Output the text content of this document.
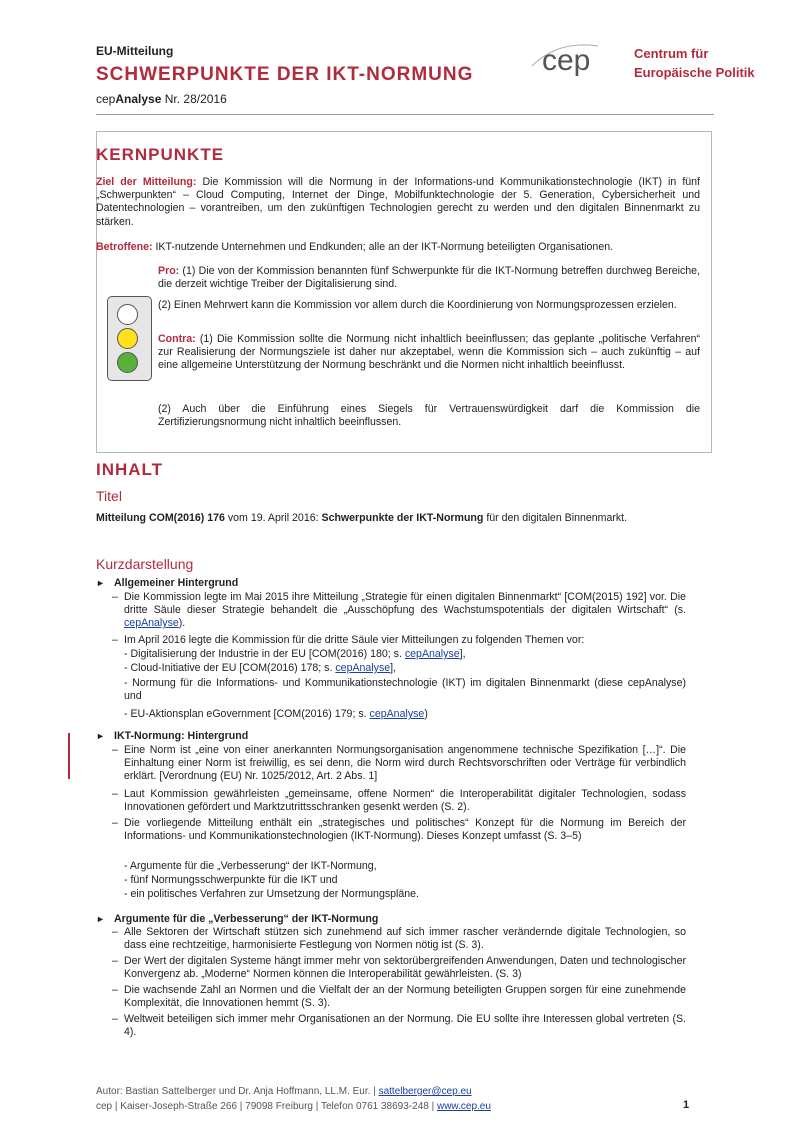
EU-Mitteilung
SCHWERPUNKTE DER IKT-NORMUNG
cepAnalyse Nr. 28/2016
cep	Centrum für
Europäische Politik
KERNPUNKTE
Ziel der Mitteilung: Die Kommission will die Normung in der Informations-und Kommunikationstechnologie (IKT) in fünf „Schwerpunkten“ – Cloud Computing, Internet der Dinge, Mobilfunktechnologie der 5. Generation, Cybersicherheit und Datentechnologien – vorantreiben, um den zukünftigen Technologien gerecht zu werden und den digitalen Binnenmarkt zu stärken.
Betroffene: IKT-nutzende Unternehmen und Endkunden; alle an der IKT-Normung beteiligten Organisationen.
Pro: (1) Die von der Kommission benannten fünf Schwerpunkte für die IKT-Normung betreffen durchweg Bereiche, die derzeit wichtige Treiber der Digitalisierung sind.
(2) Einen Mehrwert kann die Kommission vor allem durch die Koordinierung von Normungsprozessen erzielen.
Contra: (1) Die Kommission sollte die Normung nicht inhaltlich beeinflussen; das geplante „politische Verfahren“ zur Realisierung der Normungsziele ist daher nur akzeptabel, wenn die Kommission sich – auch zukünftig – auf eine allgemeine Unterstützung der Normung beschränkt und die Normen nicht inhaltlich beeinflusst.
(2) Auch über die Einführung eines Siegels für Vertrauenswürdigkeit darf die Kommission die Zertifizierungsnormung nicht inhaltlich beeinflussen.
INHALT
Titel
Mitteilung COM(2016) 176 vom 19. April 2016: Schwerpunkte der IKT-Normung für den digitalen Binnenmarkt.
Kurzdarstellung
► Allgemeiner Hintergrund
– Die Kommission legte im Mai 2015 ihre Mitteilung „Strategie für einen digitalen Binnenmarkt“ [COM(2015) 192] vor. Die dritte Säule dieser Strategie behandelt die „Ausschöpfung des Wachstumspotentials der digitalen Wirtschaft“ (s. cepAnalyse).
– Im April 2016 legte die Kommission für die dritte Säule vier Mitteilungen zu folgenden Themen vor:
- Digitalisierung der Industrie in der EU [COM(2016) 180; s. cepAnalyse],
- Cloud-Initiative der EU [COM(2016) 178; s. cepAnalyse],
- Normung für die Informations- und Kommunikationstechnologie (IKT) im digitalen Binnenmarkt (diese cepAnalyse) und
- EU-Aktionsplan eGovernment [COM(2016) 179; s. cepAnalyse)
► IKT-Normung: Hintergrund
– Eine Norm ist „eine von einer anerkannten Normungsorganisation angenommene technische Spezifikation […]“. Die Einhaltung einer Norm ist freiwillig, es sei denn, die Norm wird durch Rechtsvorschriften oder Verträge für verbindlich erklärt. [Verordnung (EU) Nr. 1025/2012, Art. 2 Abs. 1]
– Laut Kommission gewährleisten „gemeinsame, offene Normen“ die Interoperabilität digitaler Technologien, sodass Innovationen gefördert und Marktzutrittsschranken gesenkt werden (S. 2).
– Die vorliegende Mitteilung enthält ein „strategisches und politisches“ Konzept für die Normung im Bereich der Informations- und Kommunikationstechnologien (IKT-Normung). Dieses Konzept umfasst (S. 3–5)
- Argumente für die „Verbesserung“ der IKT-Normung,
- fünf Normungsschwerpunkte für die IKT und
- ein politisches Verfahren zur Umsetzung der Normungspläne.
► Argumente für die „Verbesserung“ der IKT-Normung
– Alle Sektoren der Wirtschaft stützen sich zunehmend auf sich immer rascher verändernde digitale Technologien, so dass eine rechtzeitige, harmonisierte Festlegung von Normen nötig ist (S. 3).
– Der Wert der digitalen Systeme hängt immer mehr von sektorübergreifenden Anwendungen, Daten und technologischer Konvergenz ab. „Moderne“ Normen können die Interoperabilität gewährleisten. (S. 3)
– Die wachsende Zahl an Normen und die Vielfalt der an der Normung beteiligten Gruppen sorgen für eine zunehmende Komplexität, die Innovationen hemmt (S. 3).
– Weltweit beteiligen sich immer mehr Organisationen an der Normung. Die EU sollte ihre Interessen global vertreten (S. 4).
Autor: Bastian Sattelberger und Dr. Anja Hoffmann, LL.M. Eur. | sattelberger@cep.eu
cep | Kaiser-Joseph-Straße 266 | 79098 Freiburg | Telefon 0761 38693-248 | www.cep.eu	1
